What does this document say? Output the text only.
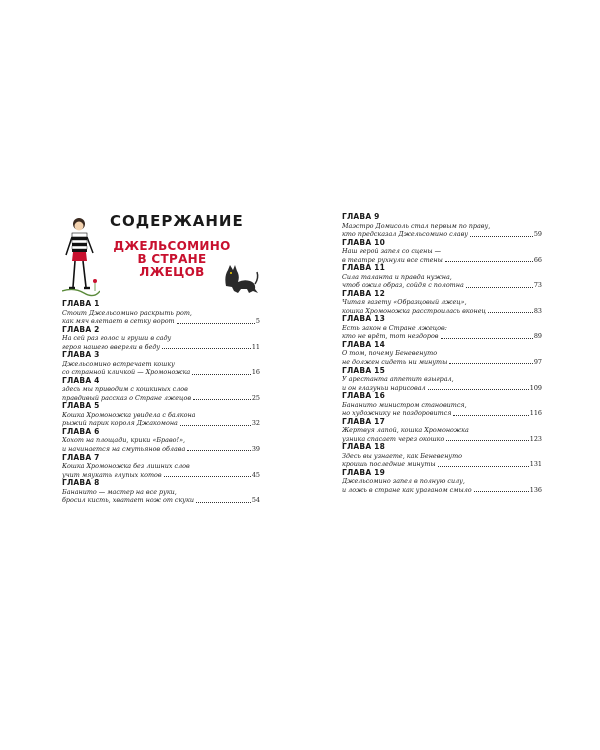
СОДЕРЖАНИЕ
ДЖЕЛЬСОМИНО
В СТРАНЕ
ЛЖЕЦОВ
ГЛАВА 1
Стоит Джельсомино раскрыть рот,
как мяч влетает в сетку ворот	5
ГЛАВА 2
На сей раз голос и груши в саду
героя нашего ввергли в беду	11
ГЛАВА 3
Джельсомино встречает кошку
со странной кличкой — Хромоножка	16
ГЛАВА 4
здесь мы приводим с кошкиных слов
правдивый рассказ о Стране лжецов	25
ГЛАВА 5
Кошка Хромоножка увидела с балкона
рыжий парик короля Джакомона	32
ГЛАВА 6
Хохот на площади, крики «Браво!»,
и начинается на смутьянов облава	39
ГЛАВА 7
Кошка Хромоножка без лишних слов
учит мяукать глупых котов	45
ГЛАВА 8
Бананито — мастер на все руки,
бросил кисть, хватает нож от скуки	54
ГЛАВА 9
Маэстро Домисоль стал первым по праву,
кто предсказал Джельсомино славу	59
ГЛАВА 10
Наш герой запел со сцены —
в театре рухнули все стены	66
ГЛАВА 11
Сила таланта и правда нужна,
чтоб ожил образ, сойдя с полотна	73
ГЛАВА 12
Читая газету «Образцовый лжец»,
кошка Хромоножка расстроилась вконец	83
ГЛАВА 13
Есть закон в Стране лжецов:
кто не врёт, тот нездоров	89
ГЛАВА 14
О том, почему Беневенуто
не должен сидеть ни минуты	97
ГЛАВА 15
У арестанта аппетит взыграл,
и он глазуньи нарисовал	109
ГЛАВА 16
Бананито министром становится,
но художнику не поздоровится	116
ГЛАВА 17
Жертвуя лапой, кошка Хромоножка
узника спасает через окошко	123
ГЛАВА 18
Здесь вы узнаете, как Беневенуто
кроишь последние минуты	131
ГЛАВА 19
Джельсомино запел в полную силу,
и ложь в стране как ураганом смыло	136
